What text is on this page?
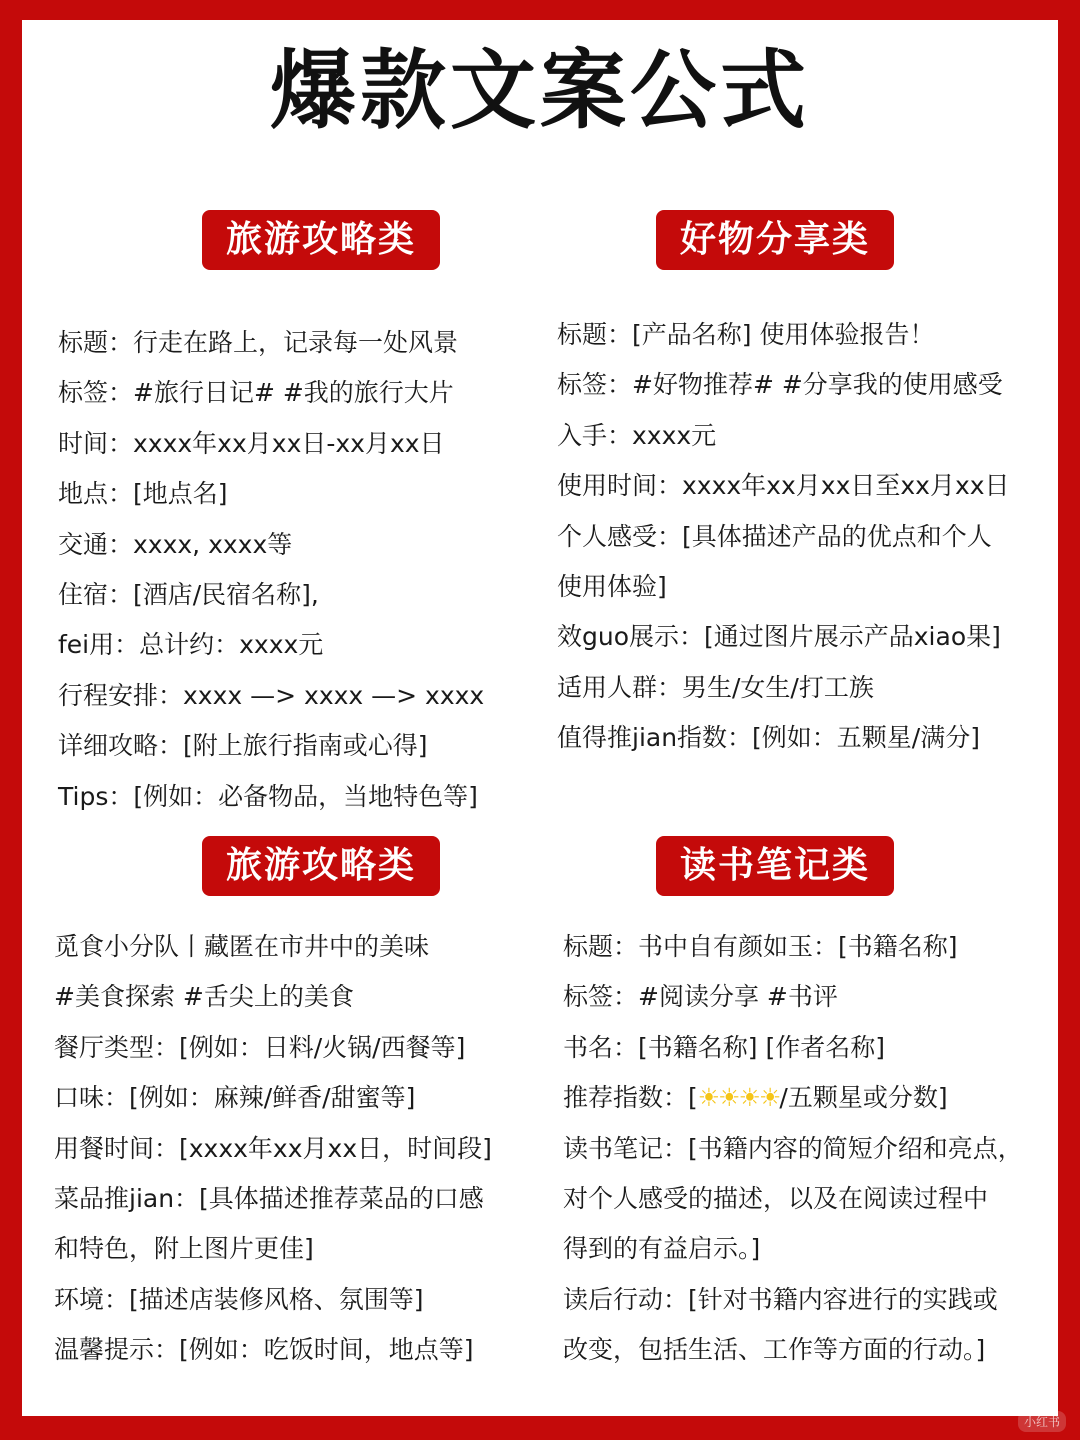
爆款文案公式
旅游攻略类
标题：行走在路上，记录每一处风景
标签：#旅行日记# #我的旅行大片
时间：xxxx年xx月xx日-xx月xx日
地点：[地点名]
交通：xxxx, xxxx等
住宿：[酒店/民宿名称],
fei用：总计约：xxxx元
行程安排：xxxx —> xxxx —> xxxx
详细攻略：[附上旅行指南或心得]
Tips：[例如：必备物品，当地特色等]
好物分享类
标题：[产品名称] 使用体验报告！
标签：#好物推荐# #分享我的使用感受
入手：xxxx元
使用时间：xxxx年xx月xx日至xx月xx日
个人感受：[具体描述产品的优点和个人
使用体验]
效guo展示：[通过图片展示产品xiao果]
适用人群：男生/女生/打工族
值得推jian指数：[例如：五颗星/满分]
旅游攻略类
觅食小分队丨藏匿在市井中的美味
#美食探索 #舌尖上的美食
餐厅类型：[例如：日料/火锅/西餐等]
口味：[例如：麻辣/鲜香/甜蜜等]
用餐时间：[xxxx年xx月xx日，时间段]
菜品推jian：[具体描述推荐菜品的口感
和特色，附上图片更佳]
环境：[描述店装修风格、氛围等]
温馨提示：[例如：吃饭时间，地点等]
读书笔记类
标题：书中自有颜如玉：[书籍名称]
标签：#阅读分享 #书评
书名：[书籍名称] [作者名称]
推荐指数：[☀☀☀☀/五颗星或分数]
读书笔记：[书籍内容的简短介绍和亮点，
对个人感受的描述，以及在阅读过程中
得到的有益启示。]
读后行动：[针对书籍内容进行的实践或
改变，包括生活、工作等方面的行动。]
小红书
